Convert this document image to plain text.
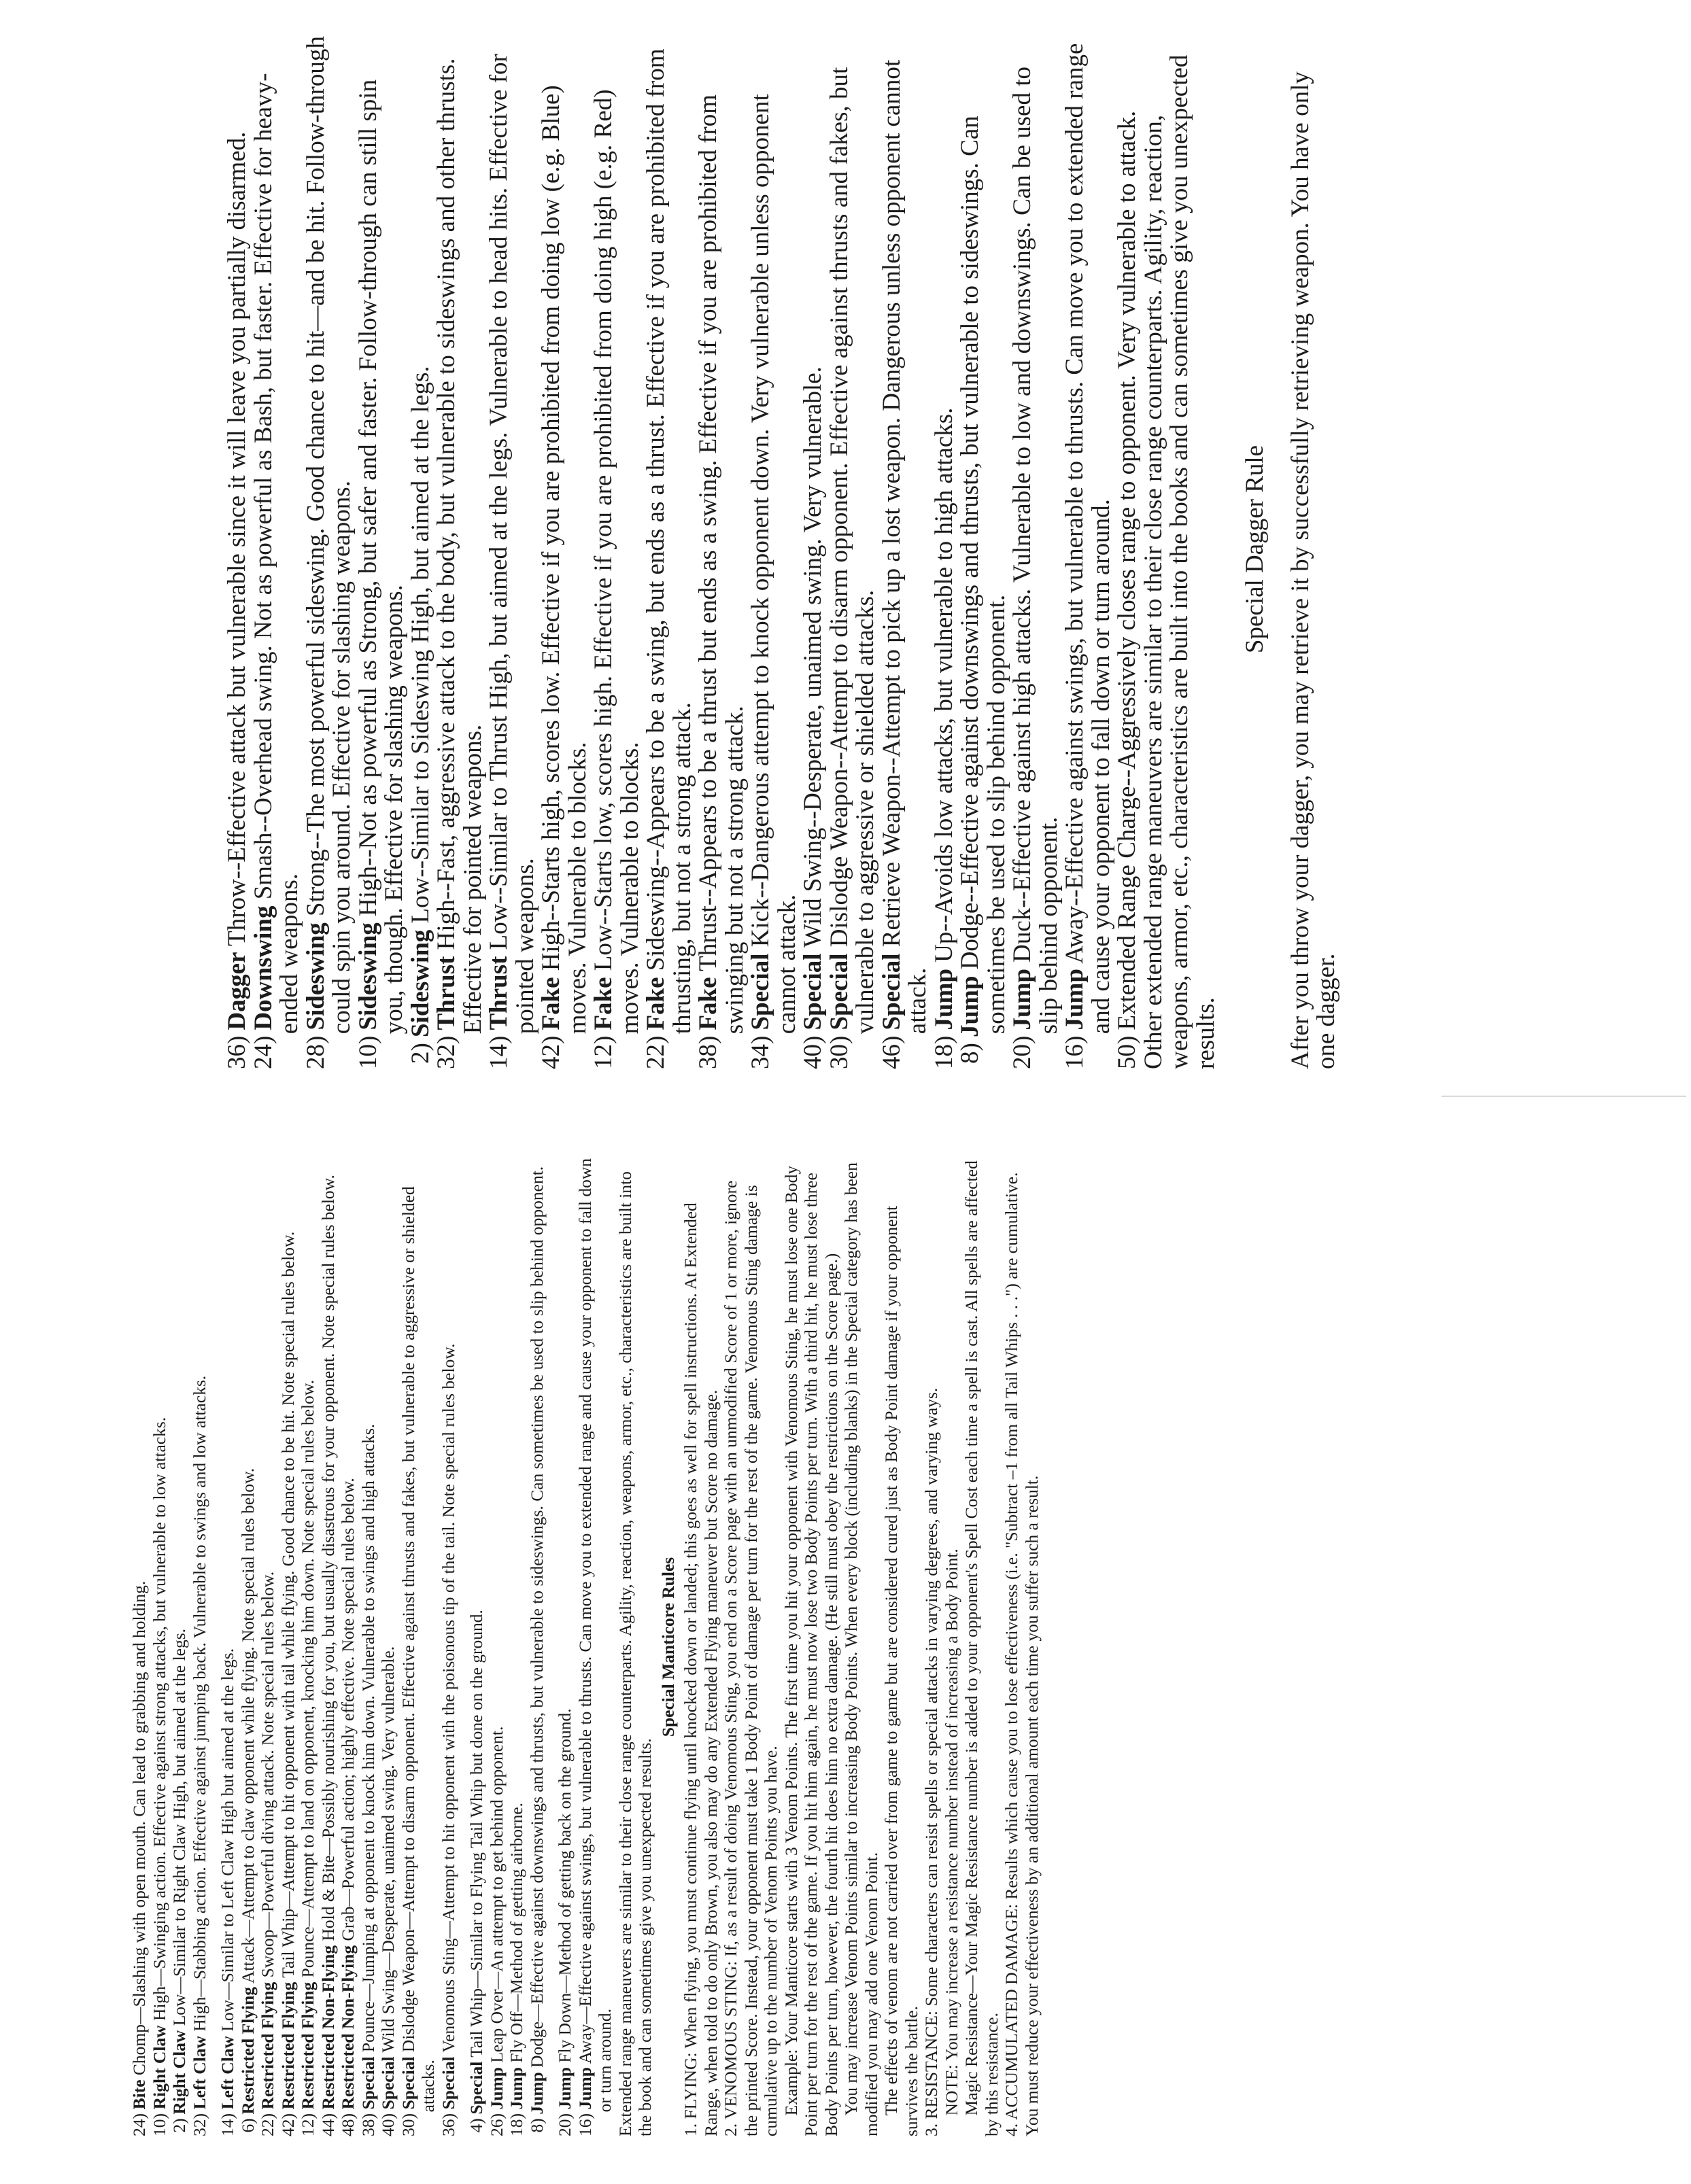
24)Bite Chomp—Slashing with open mouth. Can lead to grabbing and holding.

10)Right Claw High—Swinging action. Effective against strong attacks, but vulnerable to low attacks.

2)Right Claw Low—Similar to Right Claw High, but aimed at the legs.

32)Left Claw High—Stabbing action. Effective against jumping back. Vulnerable to swings and low attacks.

14)Left Claw Low—Similar to Left Claw High but aimed at the legs.

6)Restricted Flying Attack—Attempt to claw opponent while flying. Note special rules below.

22)Restricted Flying Swoop—Powerful diving attack. Note special rules below.

42)Restricted Flying Tail Whip—Attempt to hit opponent with tail while flying. Good chance to be hit. Note special rules below.

12)Restricted Flying Pounce—Attempt to land on opponent, knocking him down. Note special rules below.

44)Restricted Non-Flying Hold & Bite—Possibly nourishing for you, but usually disastrous for your opponent. Note special rules below.

48)Restricted Non-Flying Grab—Powerful action; highly effective. Note special rules below.

38)Special Pounce—Jumping at opponent to knock him down. Vulnerable to swings and high attacks.

40)Special Wild Swing—Desperate, unaimed swing. Very vulnerable.

30)Special Dislodge Weapon—Attempt to disarm opponent. Effective against thrusts and fakes, but vulnerable to aggressive or shielded attacks.

36)Special Venomous Sting—Attempt to hit opponent with the poisonous tip of the tail. Note special rules below.

4)Special Tail Whip—Similar to Flying Tail Whip but done on the ground.

26)Jump Leap Over—An attempt to get behind opponent.

18)Jump Fly Off—Method of getting airborne.

8)Jump Dodge—Effective against downswings and thrusts, but vulnerable to sideswings. Can sometimes be used to slip behind opponent.

20)Jump Fly Down—Method of getting back on the ground.

16)Jump Away—Effective against swings, but vulnerable to thrusts. Can move you to extended range and cause your opponent to fall down or turn around. Extended range maneuvers are similar to their close range counterparts. Agility, reaction, weapons, armor, etc., characteristics are built into the book and can sometimes give you unexpected results.

Special Manticore Rules 1. FLYING: When flying, you must continue flying until knocked down or landed; this goes as well for spell instructions. At Extended Range, when told to do only Brown, you also may do any Extended Flying maneuver but Score no damage. 2. VENOMOUS STING: If, as a result of doing Venomous Sting, you end on a Score page with an unmodified Score of 1 or more, ignore the printed Score. Instead, your opponent must take 1 Body Point of damage per turn for the rest of the game. Venomous Sting damage is cumulative up to the number of Venom Points you have. Example: Your Manticore starts with 3 Venom Points. The first time you hit your opponent with Venomous Sting, he must lose one Body Point per turn for the rest of the game. If you hit him again, he must now lose two Body Points per turn. With a third hit, he must lose three Body Points per turn, however, the fourth hit does him no extra damage. (He still must obey the restrictions on the Score page.) You may increase Venom Points similar to increasing Body Points. When every block (including blanks) in the Special category has been modified you may add one Venom Point. The effects of venom are not carried over from game to game but are considered cured just as Body Point damage if your opponent survives the battle. 3. RESISTANCE: Some characters can resist spells or special attacks in varying degrees, and varying ways. NOTE: You may increase a resistance number instead of increasing a Body Point. Magic Resistance—Your Magic Resistance number is added to your opponent's Spell Cost each time a spell is cast. All spells are affected by this resistance. 4. ACCUMULATED DAMAGE: Results which cause you to lose effectiveness (i.e. "Subtract –1 from all Tail Whips . . .") are cumulative. You must reduce your effectiveness by an additional amount each time you suffer such a result.

36)Dagger Throw--Effective attack but vulnerable since it will leave you partially disarmed.

24)Downswing Smash--Overhead swing. Not as powerful as Bash, but faster. Effective for heavy-ended weapons.

28)Sideswing Strong--The most powerful sideswing. Good chance to hit—and be hit. Follow-through could spin you around. Effective for slashing weapons.

10)Sideswing High--Not as powerful as Strong, but safer and faster. Follow-through can still spin you, though. Effective for slashing weapons.

2)Sideswing Low--Similar to Sideswing High, but aimed at the legs.

32)Thrust High--Fast, aggressive attack to the body, but vulnerable to sideswings and other thrusts. Effective for pointed weapons.

14)Thrust Low--Similar to Thrust High, but aimed at the legs. Vulnerable to head hits. Effective for pointed weapons.

42)Fake High--Starts high, scores low. Effective if you are prohibited from doing low (e.g. Blue) moves. Vulnerable to blocks.

12)Fake Low--Starts low, scores high. Effective if you are prohibited from doing high (e.g. Red) moves. Vulnerable to blocks.

22)Fake Sideswing--Appears to be a swing, but ends as a thrust. Effective if you are prohibited from thrusting, but not a strong attack.

38)Fake Thrust--Appears to be a thrust but ends as a swing. Effective if you are prohibited from swinging but not a strong attack.

34)Special Kick--Dangerous attempt to knock opponent down. Very vulnerable unless opponent cannot attack.

40)Special Wild Swing--Desperate, unaimed swing. Very vulnerable.

30)Special Dislodge Weapon--Attempt to disarm opponent. Effective against thrusts and fakes, but vulnerable to aggressive or shielded attacks.

46)Special Retrieve Weapon--Attempt to pick up a lost weapon. Dangerous unless opponent cannot attack.

18)Jump Up--Avoids low attacks, but vulnerable to high attacks.

8)Jump Dodge--Effective against downswings and thrusts, but vulnerable to sideswings. Can sometimes be used to slip behind opponent.

20)Jump Duck--Effective against high attacks. Vulnerable to low and downswings. Can be used to slip behind opponent.

16)Jump Away--Effective against swings, but vulnerable to thrusts. Can move you to extended range and cause your opponent to fall down or turn around.

50)Extended Range Charge--Aggressively closes range to opponent. Very vulnerable to attack.

Other extended range maneuvers are similar to their close range counterparts. Agility, reaction, weapons, armor, etc., characteristics are built into the books and can sometimes give you unexpected results.

Special Dagger Rule After you throw your dagger, you may retrieve it by successfully retrieving weapon. You have only one dagger.
